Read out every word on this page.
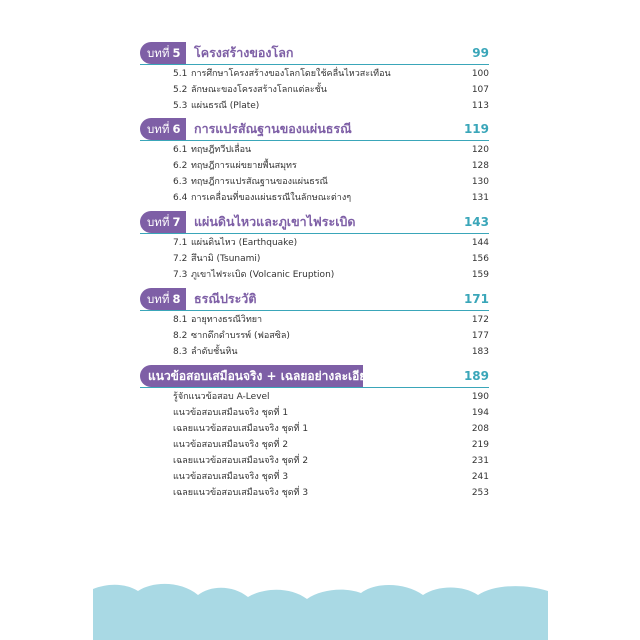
บทที่ 5	โครงสร้างของโลก	99
5.1 การศึกษาโครงสร้างของโลกโดยใช้คลื่นไหวสะเทือน	100
5.2 ลักษณะของโครงสร้างโลกแต่ละชั้น	107
5.3 แผ่นธรณี (Plate)	113
บทที่ 6	การแปรสัณฐานของแผ่นธรณี	119
6.1 ทฤษฎีทวีปเลื่อน	120
6.2 ทฤษฎีการแผ่ขยายพื้นสมุทร	128
6.3 ทฤษฎีการแปรสัณฐานของแผ่นธรณี	130
6.4 การเคลื่อนที่ของแผ่นธรณีในลักษณะต่างๆ	131
บทที่ 7	แผ่นดินไหวและภูเขาไฟระเบิด	143
7.1 แผ่นดินไหว (Earthquake)	144
7.2 สึนามิ (Tsunami)	156
7.3 ภูเขาไฟระเบิด (Volcanic Eruption)	159
บทที่ 8	ธรณีประวัติ	171
8.1 อายุทางธรณีวิทยา	172
8.2 ซากดึกดำบรรพ์ (ฟอสซิล)	177
8.3 ลำดับชั้นหิน	183
แนวข้อสอบเสมือนจริง + เฉลยอย่างละเอียด	189
รู้จักแนวข้อสอบ A-Level	190
แนวข้อสอบเสมือนจริง ชุดที่ 1	194
เฉลยแนวข้อสอบเสมือนจริง ชุดที่ 1	208
แนวข้อสอบเสมือนจริง ชุดที่ 2	219
เฉลยแนวข้อสอบเสมือนจริง ชุดที่ 2	231
แนวข้อสอบเสมือนจริง ชุดที่ 3	241
เฉลยแนวข้อสอบเสมือนจริง ชุดที่ 3	253
